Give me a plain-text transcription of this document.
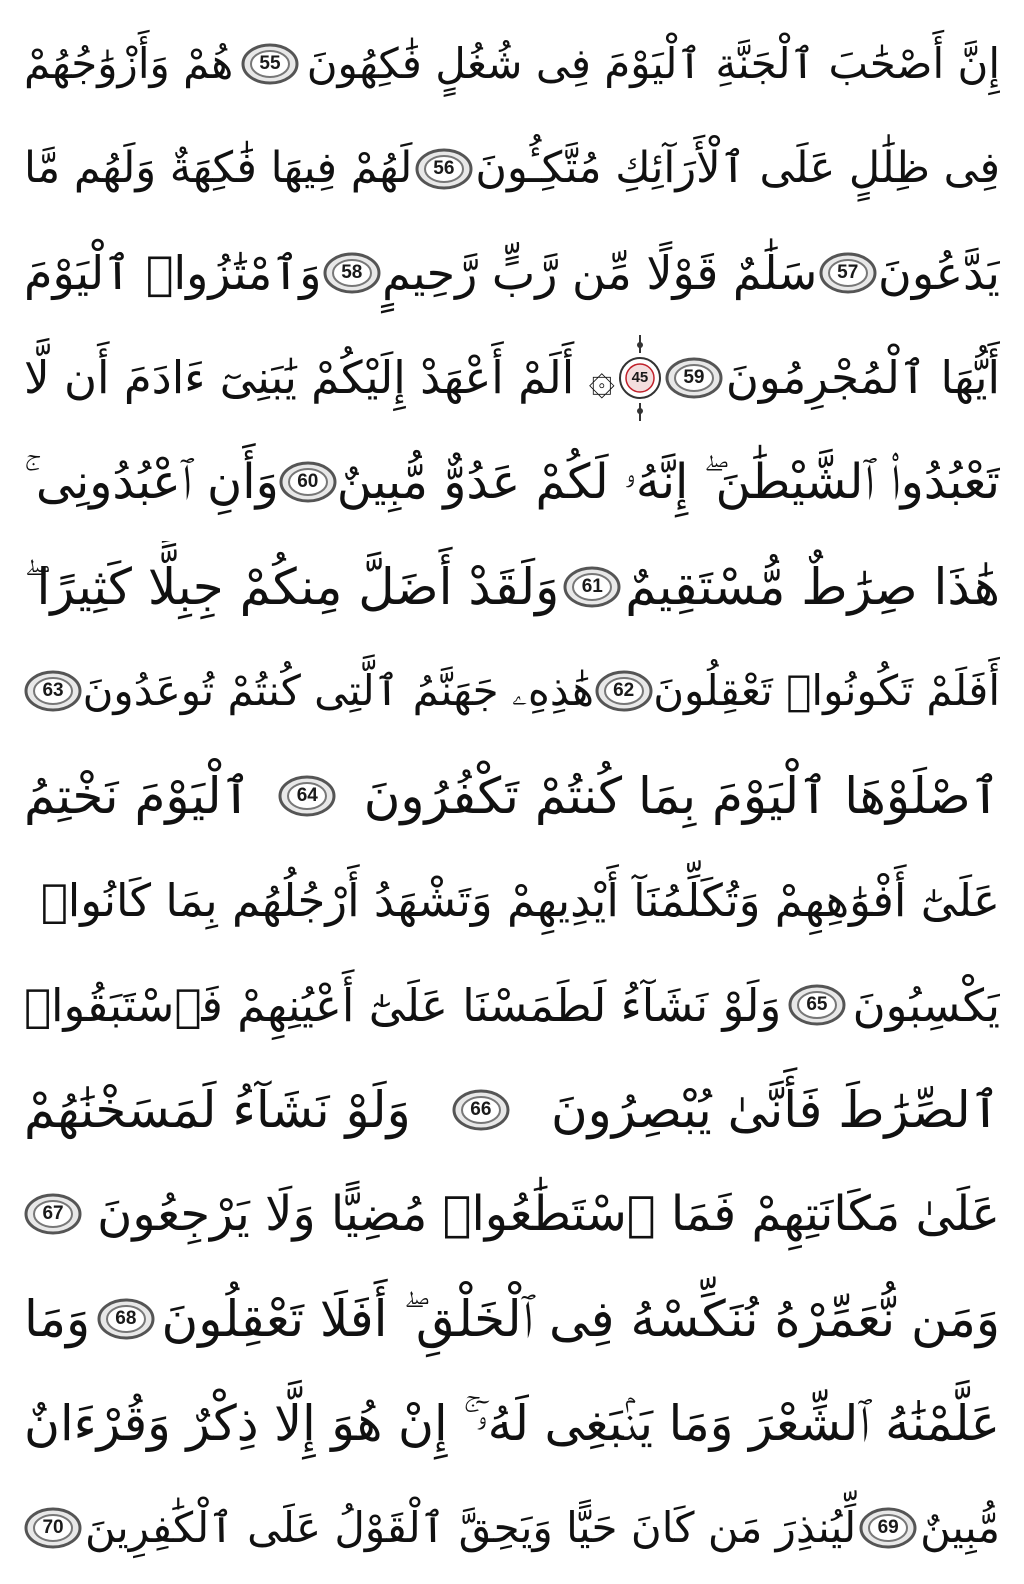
إِنَّ أَصْحَٰبَ ٱلْجَنَّةِ ٱلْيَوْمَ فِى شُغُلٍ فَٰكِهُونَ
55
هُمْ وَأَزْوَٰجُهُمْ
فِى ظِلَٰلٍ عَلَى ٱلْأَرَآئِكِ مُتَّكِـُٔونَ
56
لَهُمْ فِيهَا فَٰكِهَةٌ وَلَهُم مَّا
يَدَّعُونَ
57
سَلَٰمٌ قَوْلًا مِّن رَّبٍّ رَّحِيمٍ
58
وَٱمْتَٰزُوا۟ ٱلْيَوْمَ
أَيُّهَا ٱلْمُجْرِمُونَ
59
45
۞ أَلَمْ أَعْهَدْ إِلَيْكُمْ يَٰبَنِىٓ ءَادَمَ أَن لَّا
تَعْبُدُوا۟ ٱلشَّيْطَٰنَ ۖ إِنَّهُۥ لَكُمْ عَدُوٌّ مُّبِينٌ
60
وَأَنِ ٱعْبُدُونِى ۚ
هَٰذَا صِرَٰطٌ مُّسْتَقِيمٌ
61
وَلَقَدْ أَضَلَّ مِنكُمْ جِبِلًّا كَثِيرًا ۖ
أَفَلَمْ تَكُونُوا۟ تَعْقِلُونَ
62
هَٰذِهِۦ جَهَنَّمُ ٱلَّتِى كُنتُمْ تُوعَدُونَ
63
ٱصْلَوْهَا ٱلْيَوْمَ بِمَا كُنتُمْ تَكْفُرُونَ
64
ٱلْيَوْمَ نَخْتِمُ
عَلَىٰٓ أَفْوَٰهِهِمْ وَتُكَلِّمُنَآ أَيْدِيهِمْ وَتَشْهَدُ أَرْجُلُهُم بِمَا كَانُوا۟
يَكْسِبُونَ
65
وَلَوْ نَشَآءُ لَطَمَسْنَا عَلَىٰٓ أَعْيُنِهِمْ فَٱسْتَبَقُوا۟
ٱلصِّرَٰطَ فَأَنَّىٰ يُبْصِرُونَ
66
وَلَوْ نَشَآءُ لَمَسَخْنَٰهُمْ
عَلَىٰ مَكَانَتِهِمْ فَمَا ٱسْتَطَٰعُوا۟ مُضِيًّا وَلَا يَرْجِعُونَ
67
وَمَن نُّعَمِّرْهُ نُنَكِّسْهُ فِى ٱلْخَلْقِ ۖ أَفَلَا تَعْقِلُونَ
68
وَمَا
عَلَّمْنَٰهُ ٱلشِّعْرَ وَمَا يَنۢبَغِى لَهُۥٓ ۚ إِنْ هُوَ إِلَّا ذِكْرٌ وَقُرْءَانٌ
مُّبِينٌ
69
لِّيُنذِرَ مَن كَانَ حَيًّا وَيَحِقَّ ٱلْقَوْلُ عَلَى ٱلْكَٰفِرِينَ
70
